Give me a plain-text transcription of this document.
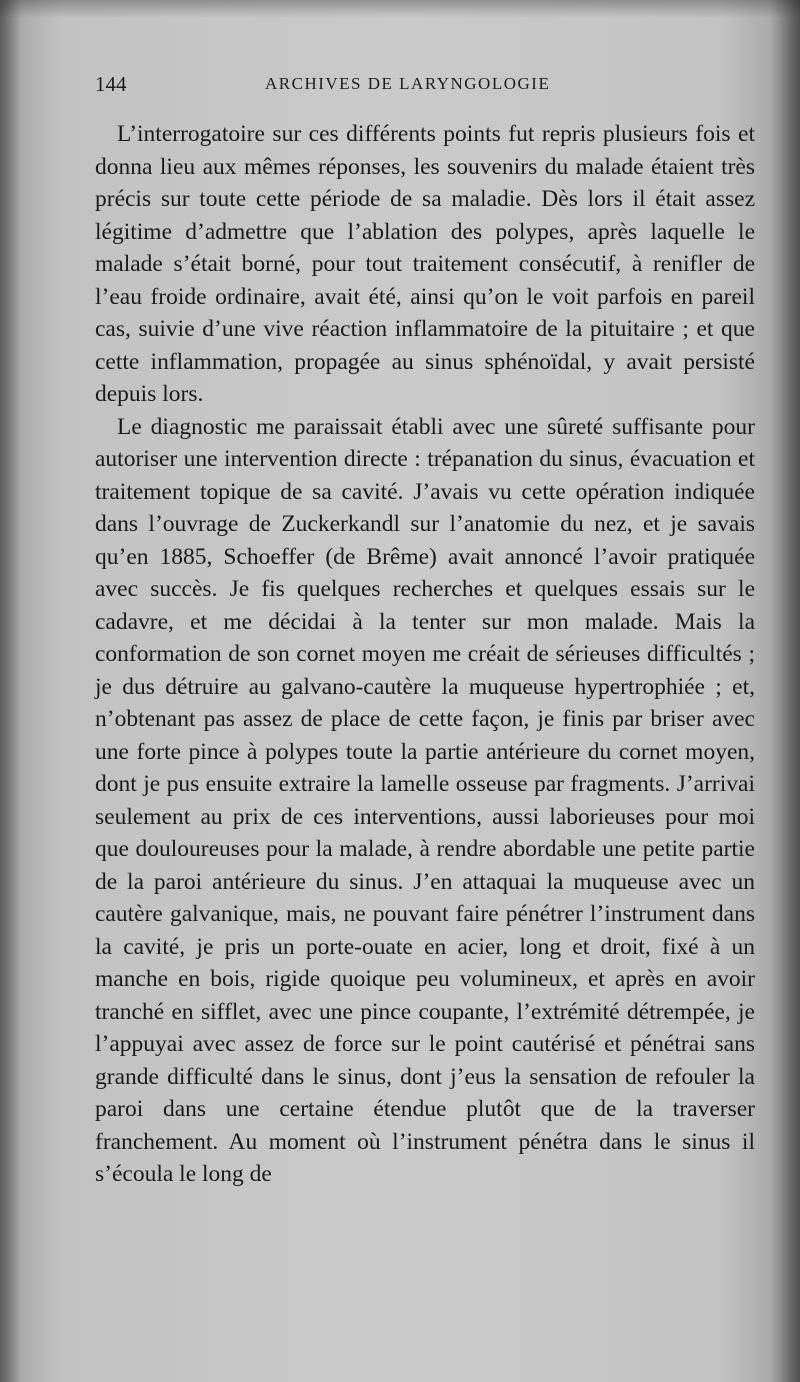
144	ARCHIVES DE LARYNGOLOGIE

L’interrogatoire sur ces différents points fut repris plusieurs fois et donna lieu aux mêmes réponses, les souvenirs du malade étaient très précis sur toute cette période de sa maladie. Dès lors il était assez légitime d’admettre que l’ablation des polypes, après laquelle le malade s’était borné, pour tout traitement consécutif, à renifler de l’eau froide ordinaire, avait été, ainsi qu’on le voit parfois en pareil cas, suivie d’une vive réaction inflammatoire de la pituitaire ; et que cette inflammation, propagée au sinus sphénoïdal, y avait persisté depuis lors.

Le diagnostic me paraissait établi avec une sûreté suffisante pour autoriser une intervention directe : trépanation du sinus, évacuation et traitement topique de sa cavité. J’avais vu cette opération indiquée dans l’ouvrage de Zuckerkandl sur l’anatomie du nez, et je savais qu’en 1885, Schoeffer (de Brême) avait annoncé l’avoir pratiquée avec succès. Je fis quelques recherches et quelques essais sur le cadavre, et me décidai à la tenter sur mon malade. Mais la conformation de son cornet moyen me créait de sérieuses difficultés ; je dus détruire au galvano-cautère la muqueuse hypertrophiée ; et, n’obtenant pas assez de place de cette façon, je finis par briser avec une forte pince à polypes toute la partie antérieure du cornet moyen, dont je pus ensuite extraire la lamelle osseuse par fragments. J’arrivai seulement au prix de ces interventions, aussi laborieuses pour moi que douloureuses pour la malade, à rendre abordable une petite partie de la paroi antérieure du sinus. J’en attaquai la muqueuse avec un cautère galvanique, mais, ne pouvant faire pénétrer l’instrument dans la cavité, je pris un porte-ouate en acier, long et droit, fixé à un manche en bois, rigide quoique peu volumineux, et après en avoir tranché en sifflet, avec une pince coupante, l’extrémité détrempée, je l’appuyai avec assez de force sur le point cautérisé et pénétrai sans grande difficulté dans le sinus, dont j’eus la sensation de refouler la paroi dans une certaine étendue plutôt que de la traverser franchement. Au moment où l’instrument pénétra dans le sinus il s’écoula le long de
